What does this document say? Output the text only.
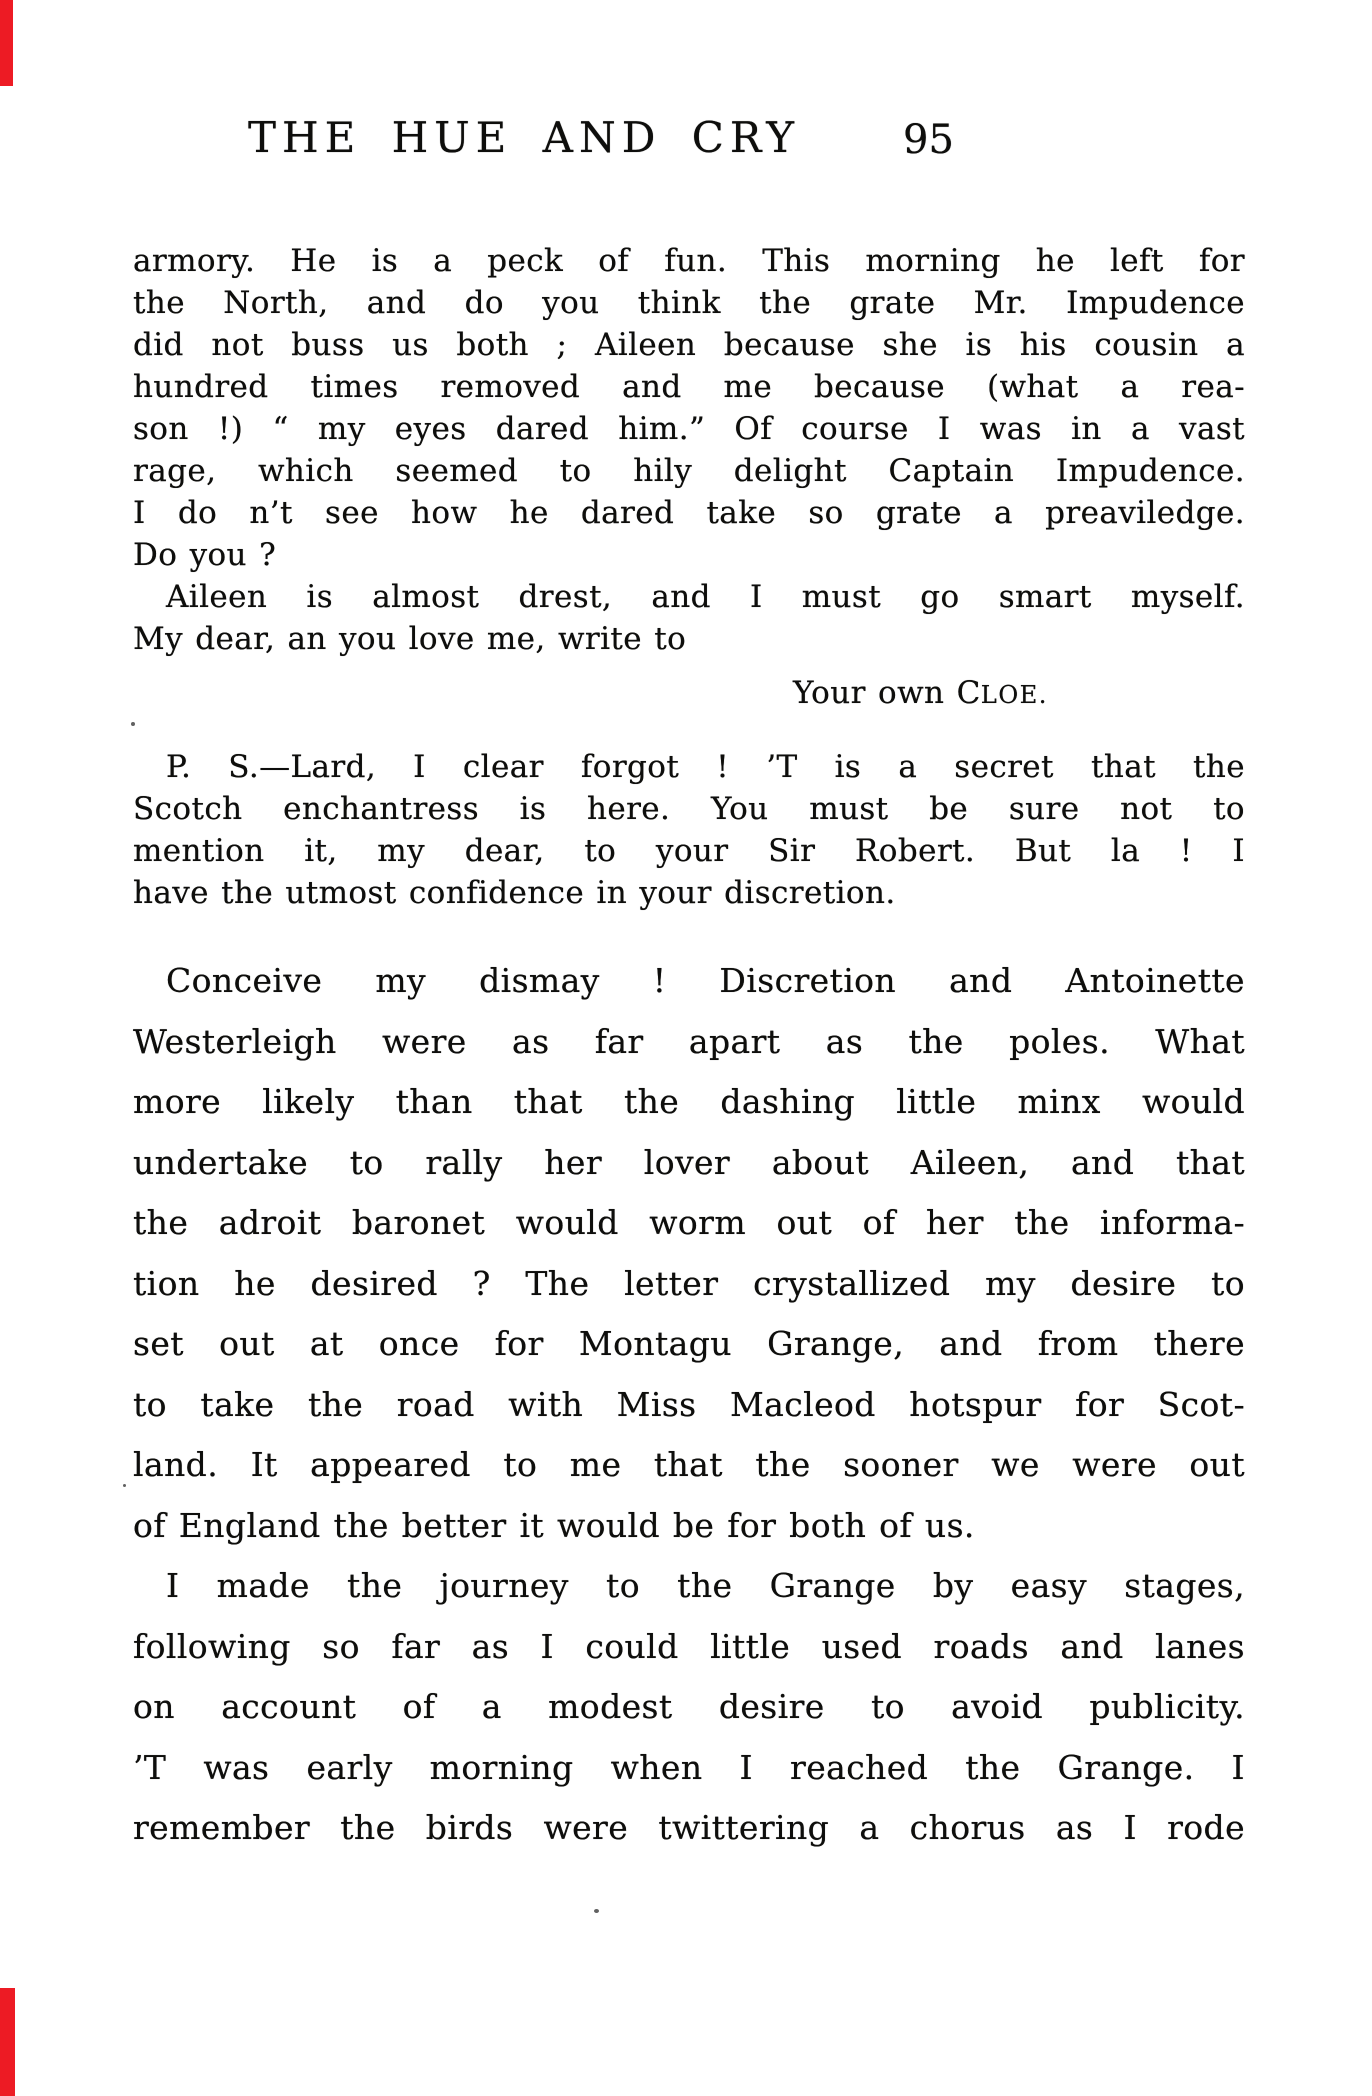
THE HUE AND CRY	95
armory. He is a peck of fun. This morning he left for
the North, and do you think the grate Mr. Impudence
did not buss us both ; Aileen because she is his cousin a
hundred times removed and me because (what a rea-
son !) “ my eyes dared him.” Of course I was in a vast
rage, which seemed to hily delight Captain Impudence.
I do n’t see how he dared take so grate a preaviledge.
Do you ?
Aileen is almost drest, and I must go smart myself.
My dear, an you love me, write to
Your own CLOE.
P. S.—Lard, I clear forgot ! ’T is a secret that the
Scotch enchantress is here. You must be sure not to
mention it, my dear, to your Sir Robert. But la ! I
have the utmost confidence in your discretion.
Conceive my dismay ! Discretion and Antoinette
Westerleigh were as far apart as the poles. What
more likely than that the dashing little minx would
undertake to rally her lover about Aileen, and that
the adroit baronet would worm out of her the informa-
tion he desired ? The letter crystallized my desire to
set out at once for Montagu Grange, and from there
to take the road with Miss Macleod hotspur for Scot-
land. It appeared to me that the sooner we were out
of England the better it would be for both of us.
I made the journey to the Grange by easy stages,
following so far as I could little used roads and lanes
on account of a modest desire to avoid publicity.
’T was early morning when I reached the Grange. I
remember the birds were twittering a chorus as I rode
